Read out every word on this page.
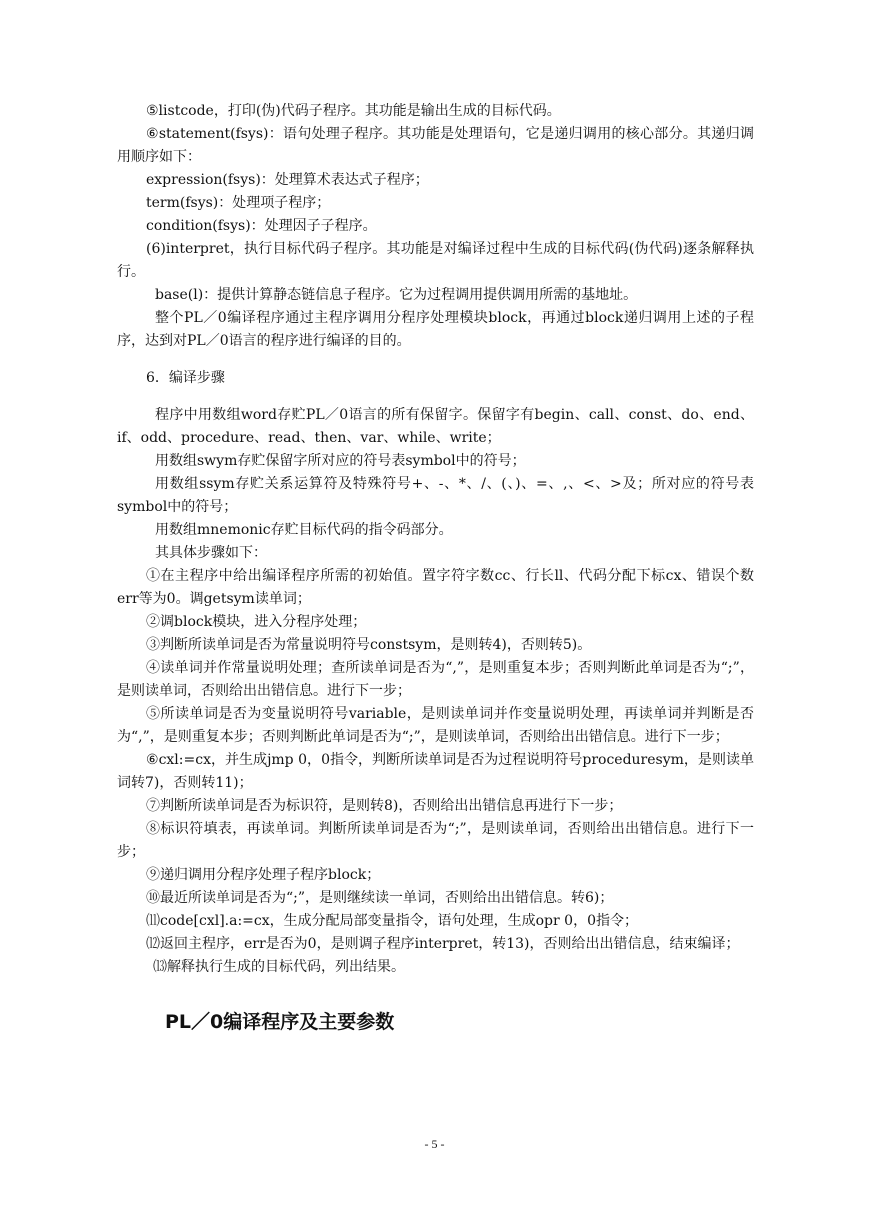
⑤listcode，打印(伪)代码子程序。其功能是输出生成的目标代码。

⑥statement(fsys)：语句处理子程序。其功能是处理语句，它是递归调用的核心部分。其递归调用顺序如下：

expression(fsys)：处理算术表达式子程序；

term(fsys)：处理项子程序；

condition(fsys)：处理因子子程序。

(6)interpret，执行目标代码子程序。其功能是对编译过程中生成的目标代码(伪代码)逐条解释执行。

base(l)：提供计算静态链信息子程序。它为过程调用提供调用所需的基地址。

整个PL／0编译程序通过主程序调用分程序处理模块block，再通过block递归调用上述的子程序，达到对PL／0语言的程序进行编译的目的。

6．编译步骤

程序中用数组word存贮PL／0语言的所有保留字。保留字有begin、call、const、do、end、if、odd、procedure、read、then、var、while、write；

用数组swym存贮保留字所对应的符号表symbol中的符号；

用数组ssym存贮关系运算符及特殊符号+、-、*、/、(、)、=、,、<、>及；所对应的符号表symbol中的符号；

用数组mnemonic存贮目标代码的指令码部分。

其具体步骤如下：

①在主程序中给出编译程序所需的初始值。置字符字数cc、行长ll、代码分配下标cx、错误个数err等为0。调getsym读单词；

②调block模块，进入分程序处理；

③判断所读单词是否为常量说明符号constsym，是则转4)，否则转5)。

④读单词并作常量说明处理；查所读单词是否为“,”，是则重复本步；否则判断此单词是否为“;”，是则读单词，否则给出出错信息。进行下一步；

⑤所读单词是否为变量说明符号variable，是则读单词并作变量说明处理，再读单词并判断是否为“,”，是则重复本步；否则判断此单词是否为“;”，是则读单词，否则给出出错信息。进行下一步；

⑥cxl:=cx，并生成jmp 0，0指令，判断所读单词是否为过程说明符号proceduresym，是则读单词转7)，否则转11)；

⑦判断所读单词是否为标识符，是则转8)，否则给出出错信息再进行下一步；

⑧标识符填表，再读单词。判断所读单词是否为“;”，是则读单词，否则给出出错信息。进行下一步；

⑨递归调用分程序处理子程序block；

⑩最近所读单词是否为“;”，是则继续读一单词，否则给出出错信息。转6)；

⑾code[cxl].a:=cx，生成分配局部变量指令，语句处理，生成opr 0，0指令；

⑿返回主程序，err是否为0，是则调子程序interpret，转13)，否则给出出错信息，结束编译；

⒀解释执行生成的目标代码，列出结果。

PL／0编译程序及主要参数
- 5 -
